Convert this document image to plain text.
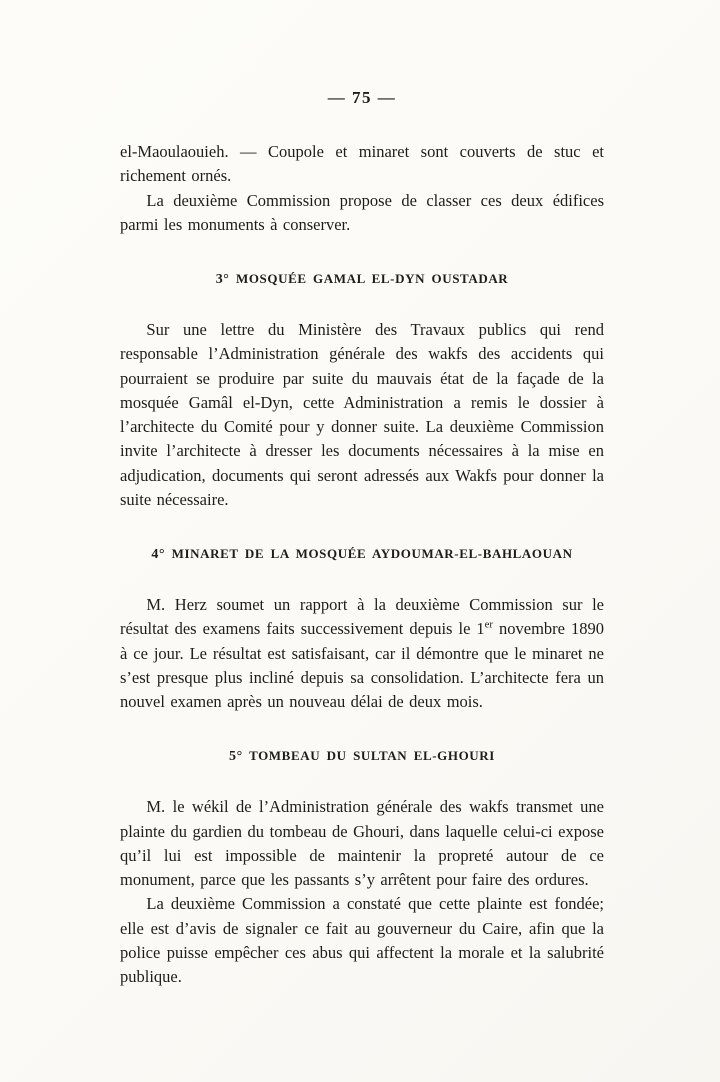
— 75 —

el-Maoulaouieh. — Coupole et minaret sont couverts de stuc et richement ornés.

La deuxième Commission propose de classer ces deux édifices parmi les monuments à conserver.

3° MOSQUÉE GAMAL EL-DYN OUSTADAR

Sur une lettre du Ministère des Travaux publics qui rend responsable l’Administration générale des wakfs des accidents qui pourraient se produire par suite du mauvais état de la façade de la mosquée Gamâl el-Dyn, cette Administration a remis le dossier à l’architecte du Comité pour y donner suite. La deuxième Commission invite l’architecte à dresser les documents nécessaires à la mise en adjudication, documents qui seront adressés aux Wakfs pour donner la suite nécessaire.

4° MINARET DE LA MOSQUÉE AYDOUMAR-EL-BAHLAOUAN

M. Herz soumet un rapport à la deuxième Commission sur le résultat des examens faits successivement depuis le 1er novembre 1890 à ce jour. Le résultat est satisfaisant, car il démontre que le minaret ne s’est presque plus incliné depuis sa consolidation. L’architecte fera un nouvel examen après un nouveau délai de deux mois.

5° TOMBEAU DU SULTAN EL-GHOURI

M. le wékil de l’Administration générale des wakfs transmet une plainte du gardien du tombeau de Ghouri, dans laquelle celui-ci expose qu’il lui est impossible de maintenir la propreté autour de ce monument, parce que les passants s’y arrêtent pour faire des ordures.

La deuxième Commission a constaté que cette plainte est fondée; elle est d’avis de signaler ce fait au gouverneur du Caire, afin que la police puisse empêcher ces abus qui affectent la morale et la salubrité publique.
